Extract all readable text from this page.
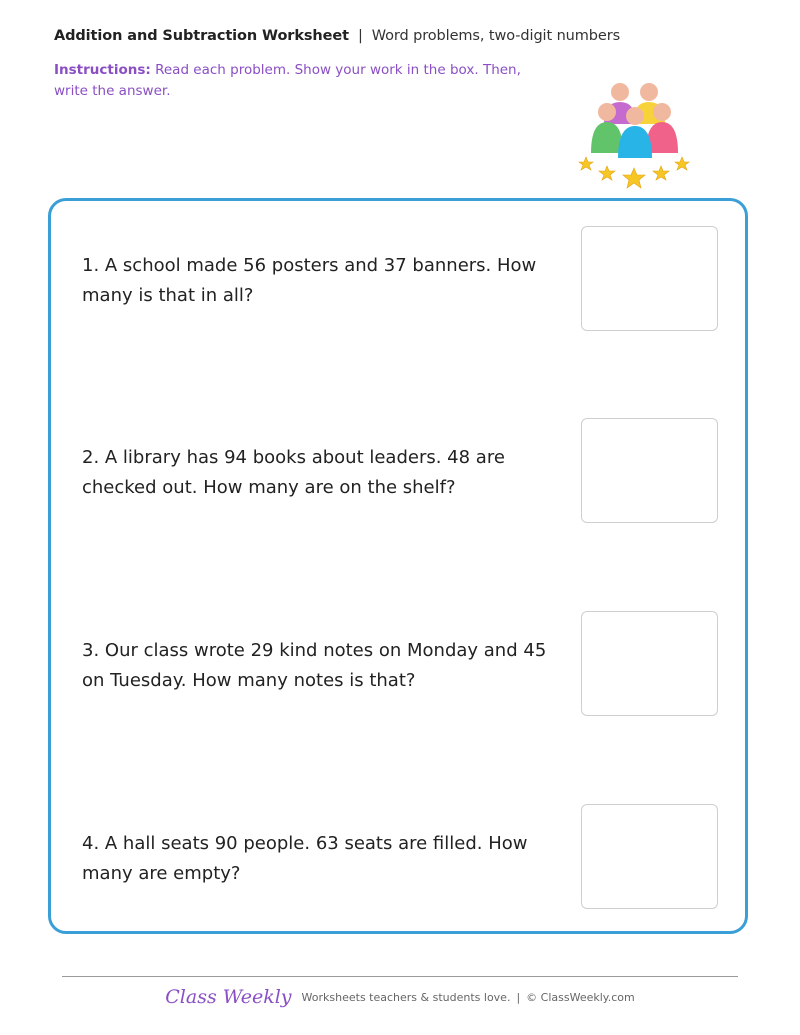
Addition and Subtraction Worksheet | Word problems, two-digit numbers
Instructions: Read each problem. Show your work in the box. Then, write the answer.
1. A school made 56 posters and 37 banners. How many is that in all?
2. A library has 94 books about leaders. 48 are checked out. How many are on the shelf?
3. Our class wrote 29 kind notes on Monday and 45 on Tuesday. How many notes is that?
4. A hall seats 90 people. 63 seats are filled. How many are empty?
Class Weekly Worksheets teachers & students love. | © ClassWeekly.com
